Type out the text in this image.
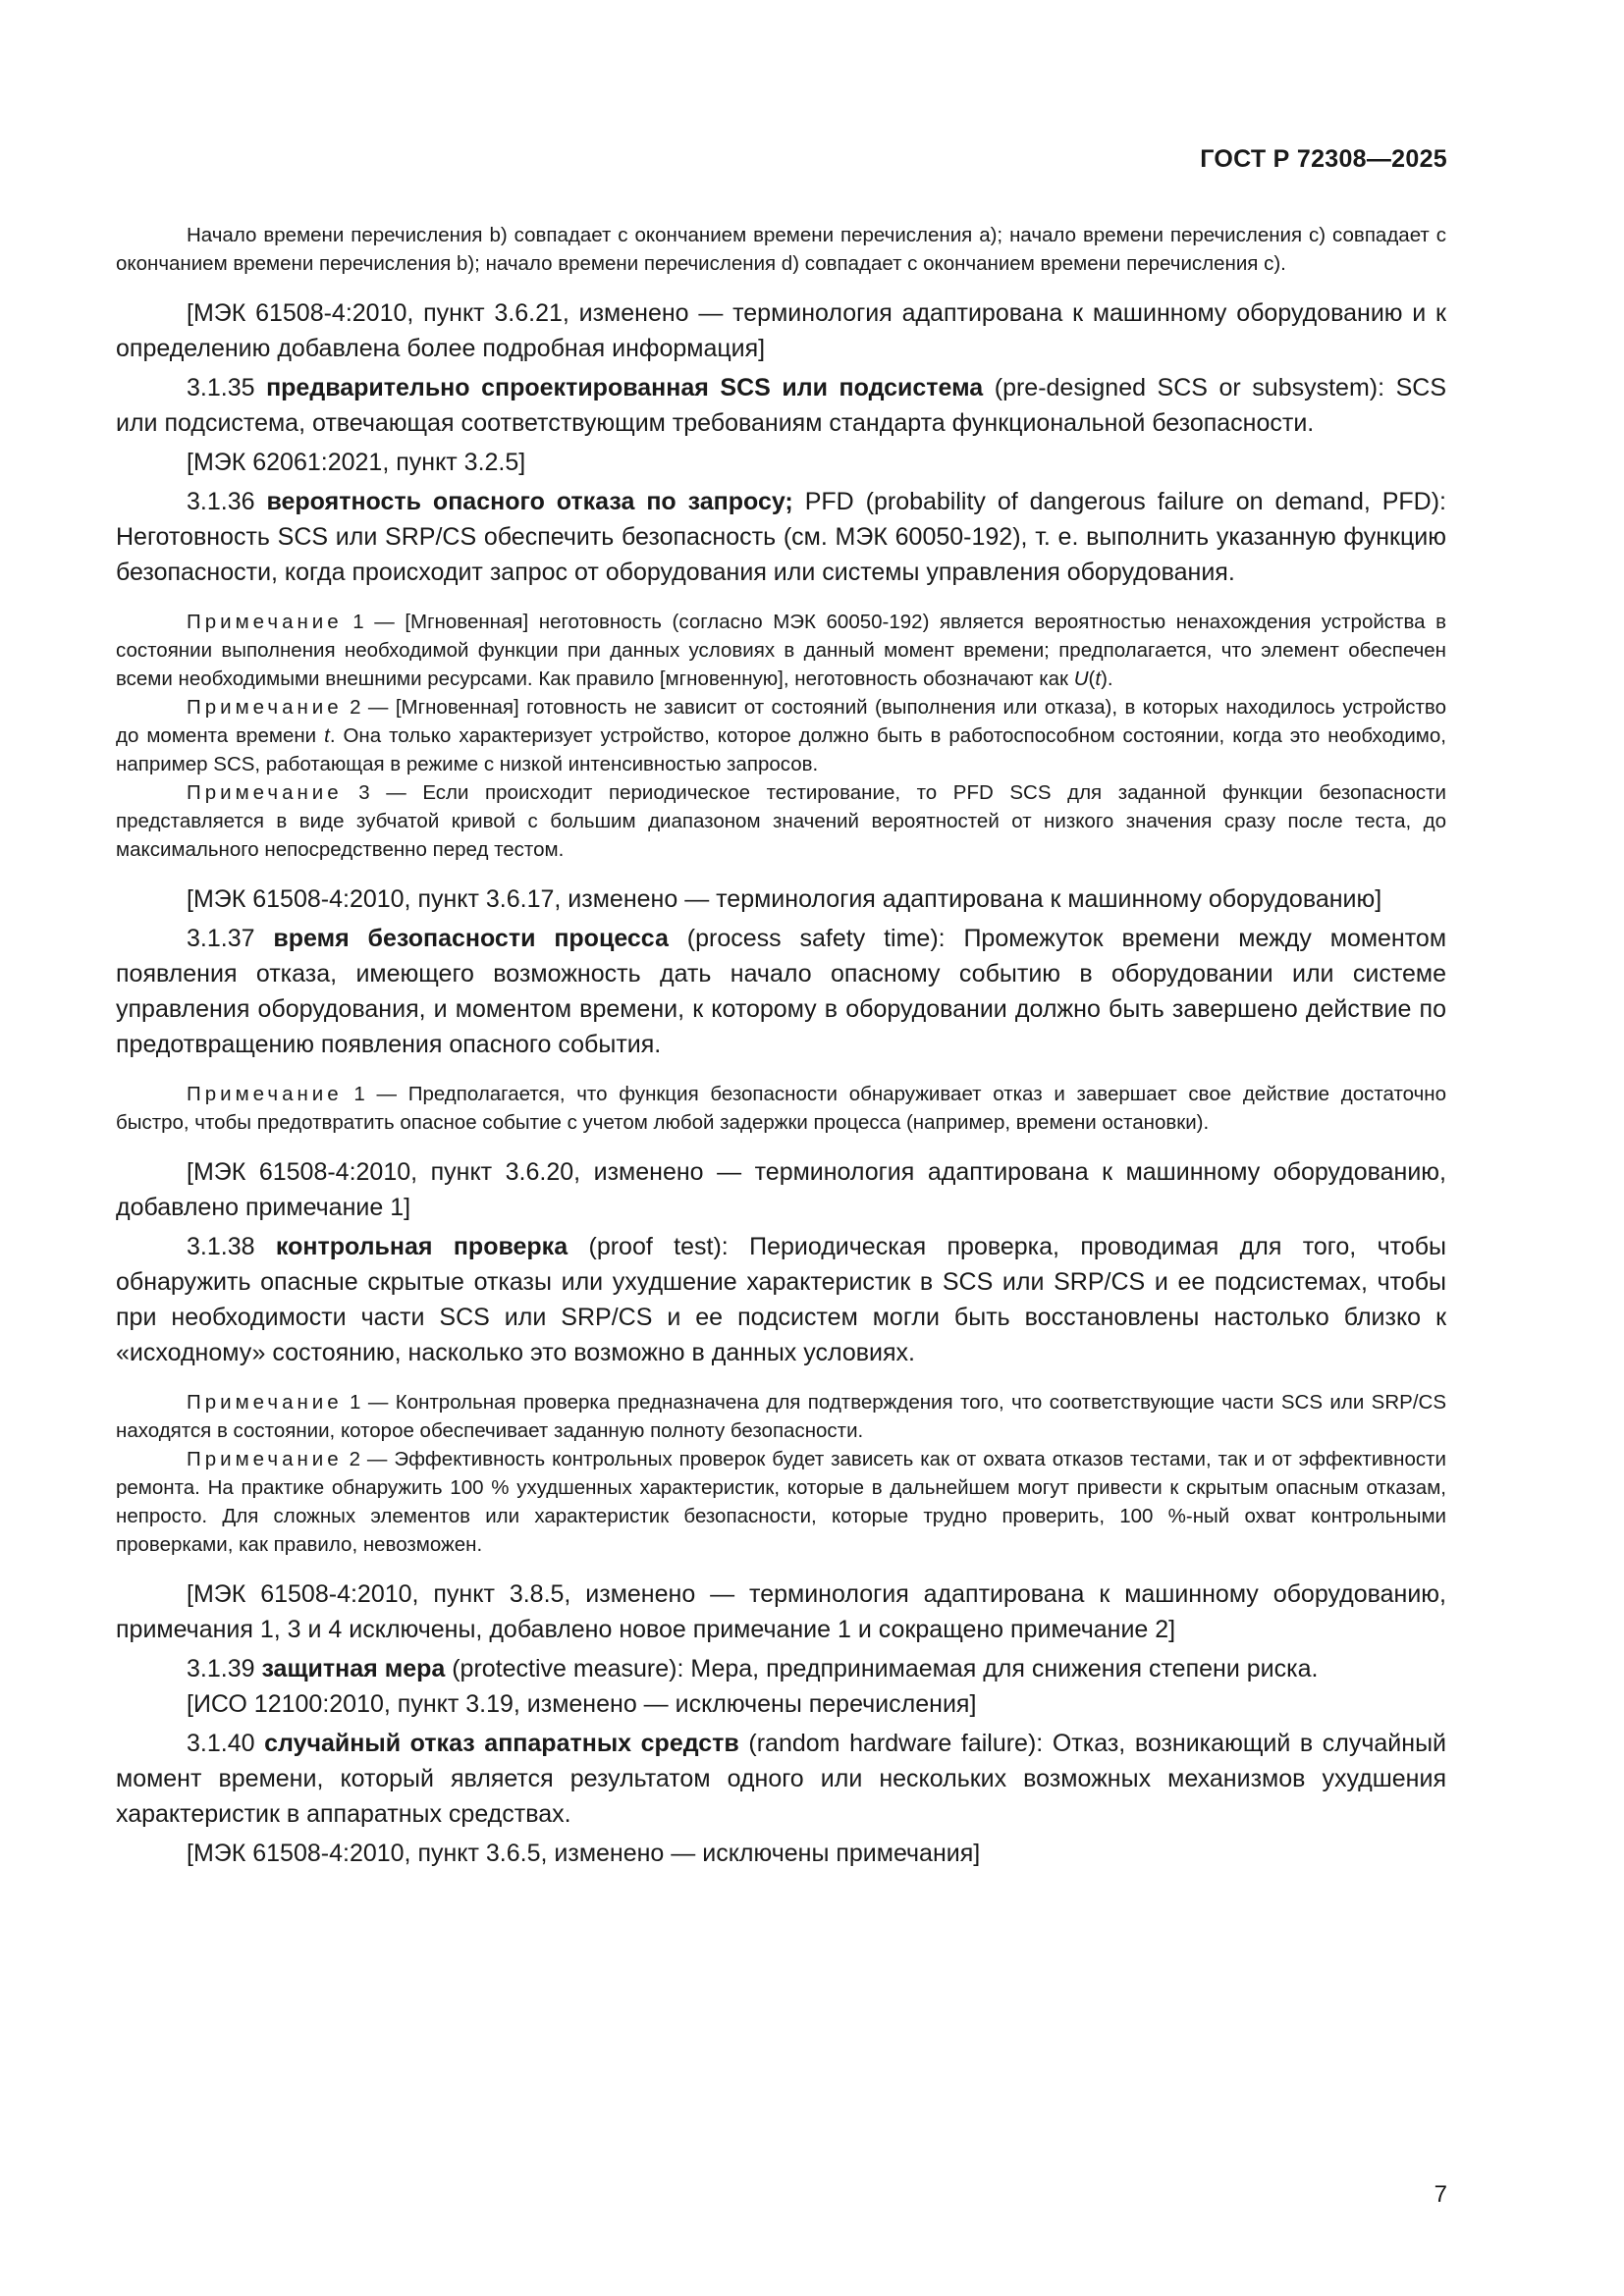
ГОСТ Р 72308—2025

Начало времени перечисления b) совпадает с окончанием времени перечисления а); начало времени перечисления с) совпадает с окончанием времени перечисления b); начало времени перечисления d) совпадает с окончанием времени перечисления с).

[МЭК 61508-4:2010, пункт 3.6.21, изменено — терминология адаптирована к машинному оборудованию и к определению добавлена более подробная информация]

3.1.35 предварительно спроектированная SCS или подсистема (pre-designed SCS or subsystem): SCS или подсистема, отвечающая соответствующим требованиям стандарта функциональной безопасности.

[МЭК 62061:2021, пункт 3.2.5]

3.1.36 вероятность опасного отказа по запросу; PFD (probability of dangerous failure on demand, PFD): Неготовность SCS или SRP/CS обеспечить безопасность (см. МЭК 60050-192), т. е. выполнить указанную функцию безопасности, когда происходит запрос от оборудования или системы управления оборудования.

Примечание 1 — [Мгновенная] неготовность (согласно МЭК 60050-192) является вероятностью ненахождения устройства в состоянии выполнения необходимой функции при данных условиях в данный момент времени; предполагается, что элемент обеспечен всеми необходимыми внешними ресурсами. Как правило [мгновенную], неготовность обозначают как U(t).

Примечание 2 — [Мгновенная] готовность не зависит от состояний (выполнения или отказа), в которых находилось устройство до момента времени t. Она только характеризует устройство, которое должно быть в работоспособном состоянии, когда это необходимо, например SCS, работающая в режиме с низкой интенсивностью запросов.

Примечание 3 — Если происходит периодическое тестирование, то PFD SCS для заданной функции безопасности представляется в виде зубчатой кривой с большим диапазоном значений вероятностей от низкого значения сразу после теста, до максимального непосредственно перед тестом.

[МЭК 61508-4:2010, пункт 3.6.17, изменено — терминология адаптирована к машинному оборудованию]

3.1.37 время безопасности процесса (process safety time): Промежуток времени между моментом появления отказа, имеющего возможность дать начало опасному событию в оборудовании или системе управления оборудования, и моментом времени, к которому в оборудовании должно быть завершено действие по предотвращению появления опасного события.

Примечание 1 — Предполагается, что функция безопасности обнаруживает отказ и завершает свое действие достаточно быстро, чтобы предотвратить опасное событие с учетом любой задержки процесса (например, времени остановки).

[МЭК 61508-4:2010, пункт 3.6.20, изменено — терминология адаптирована к машинному оборудованию, добавлено примечание 1]

3.1.38 контрольная проверка (proof test): Периодическая проверка, проводимая для того, чтобы обнаружить опасные скрытые отказы или ухудшение характеристик в SCS или SRP/CS и ее подсистемах, чтобы при необходимости части SCS или SRP/CS и ее подсистем могли быть восстановлены настолько близко к «исходному» состоянию, насколько это возможно в данных условиях.

Примечание 1 — Контрольная проверка предназначена для подтверждения того, что соответствующие части SCS или SRP/CS находятся в состоянии, которое обеспечивает заданную полноту безопасности.

Примечание 2 — Эффективность контрольных проверок будет зависеть как от охвата отказов тестами, так и от эффективности ремонта. На практике обнаружить 100 % ухудшенных характеристик, которые в дальнейшем могут привести к скрытым опасным отказам, непросто. Для сложных элементов или характеристик безопасности, которые трудно проверить, 100 %-ный охват контрольными проверками, как правило, невозможен.

[МЭК 61508-4:2010, пункт 3.8.5, изменено — терминология адаптирована к машинному оборудованию, примечания 1, 3 и 4 исключены, добавлено новое примечание 1 и сокращено примечание 2]

3.1.39 защитная мера (protective measure): Мера, предпринимаемая для снижения степени риска.

[ИСО 12100:2010, пункт 3.19, изменено — исключены перечисления]

3.1.40 случайный отказ аппаратных средств (random hardware failure): Отказ, возникающий в случайный момент времени, который является результатом одного или нескольких возможных механизмов ухудшения характеристик в аппаратных средствах.

[МЭК 61508-4:2010, пункт 3.6.5, изменено — исключены примечания]

7
